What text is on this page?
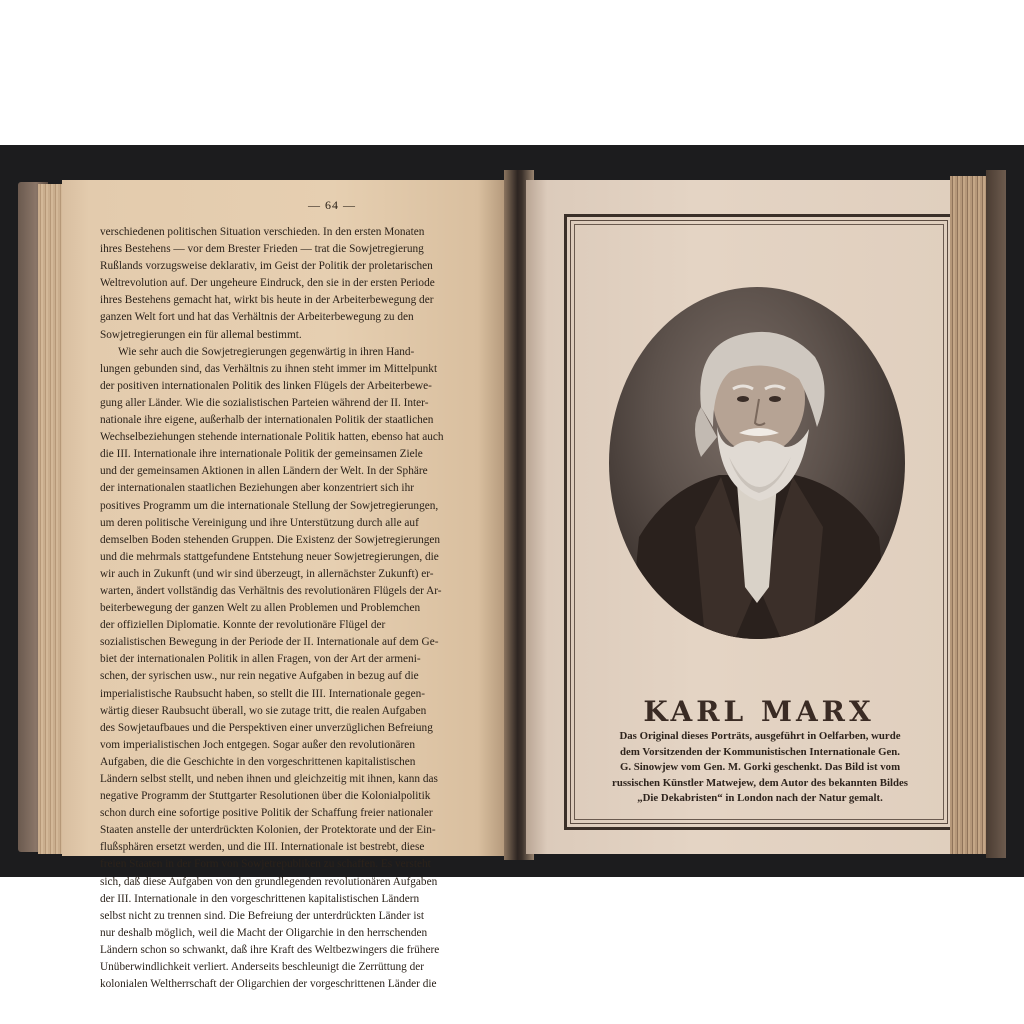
— 64 —
verschiedenen politischen Situation verschieden. In den ersten Monaten
ihres Bestehens — vor dem Brester Frieden — trat die Sowjetregierung
Rußlands vorzugsweise deklarativ, im Geist der Politik der proletarischen
Weltrevolution auf. Der ungeheure Eindruck, den sie in der ersten Periode
ihres Bestehens gemacht hat, wirkt bis heute in der Arbeiterbewegung der
ganzen Welt fort und hat das Verhältnis der Arbeiterbewegung zu den
Sowjetregierungen ein für allemal bestimmt.
Wie sehr auch die Sowjetregierungen gegenwärtig in ihren Hand-
lungen gebunden sind, das Verhältnis zu ihnen steht immer im Mittelpunkt
der positiven internationalen Politik des linken Flügels der Arbeiterbewe-
gung aller Länder. Wie die sozialistischen Parteien während der II. Inter-
nationale ihre eigene, außerhalb der internationalen Politik der staatlichen
Wechselbeziehungen stehende internationale Politik hatten, ebenso hat auch
die III. Internationale ihre internationale Politik der gemeinsamen Ziele
und der gemeinsamen Aktionen in allen Ländern der Welt. In der Sphäre
der internationalen staatlichen Beziehungen aber konzentriert sich ihr
positives Programm um die internationale Stellung der Sowjetregierungen,
um deren politische Vereinigung und ihre Unterstützung durch alle auf
demselben Boden stehenden Gruppen. Die Existenz der Sowjetregierungen
und die mehrmals stattgefundene Entstehung neuer Sowjetregierungen, die
wir auch in Zukunft (und wir sind überzeugt, in allernächster Zukunft) er-
warten, ändert vollständig das Verhältnis des revolutionären Flügels der Ar-
beiterbewegung der ganzen Welt zu allen Problemen und Problemchen
der offiziellen Diplomatie. Konnte der revolutionäre Flügel der
sozialistischen Bewegung in der Periode der II. Internationale auf dem Ge-
biet der internationalen Politik in allen Fragen, von der Art der armeni-
schen, der syrischen usw., nur rein negative Aufgaben in bezug auf die
imperialistische Raubsucht haben, so stellt die III. Internationale gegen-
wärtig dieser Raubsucht überall, wo sie zutage tritt, die realen Aufgaben
des Sowjetaufbaues und die Perspektiven einer unverzüglichen Befreiung
vom imperialistischen Joch entgegen. Sogar außer den revolutionären
Aufgaben, die die Geschichte in den vorgeschrittenen kapitalistischen
Ländern selbst stellt, und neben ihnen und gleichzeitig mit ihnen, kann das
negative Programm der Stuttgarter Resolutionen über die Kolonialpolitik
schon durch eine sofortige positive Politik der Schaffung freier nationaler
Staaten anstelle der unterdrückten Kolonien, der Protektorate und der Ein-
flußsphären ersetzt werden, und die III. Internationale ist bestrebt, diese
freien Staaten in der Form von Sowjetrepubliken zu schaffen. Es versteht
sich, daß diese Aufgaben von den grundlegenden revolutionären Aufgaben
der III. Internationale in den vorgeschrittenen kapitalistischen Ländern
selbst nicht zu trennen sind. Die Befreiung der unterdrückten Länder ist
nur deshalb möglich, weil die Macht der Oligarchie in den herrschenden
Ländern schon so schwankt, daß ihre Kraft des Weltbezwingers die frühere
Unüberwindlichkeit verliert. Anderseits beschleunigt die Zerrüttung der
kolonialen Weltherrschaft der Oligarchien der vorgeschrittenen Länder die
KARL MARX
Das Original dieses Porträts, ausgeführt in Oelfarben, wurde
dem Vorsitzenden der Kommunistischen Internationale Gen.
G. Sinowjew vom Gen. M. Gorki geschenkt. Das Bild ist vom
russischen Künstler Matwejew, dem Autor des bekannten Bildes
„Die Dekabristen“ in London nach der Natur gemalt.
